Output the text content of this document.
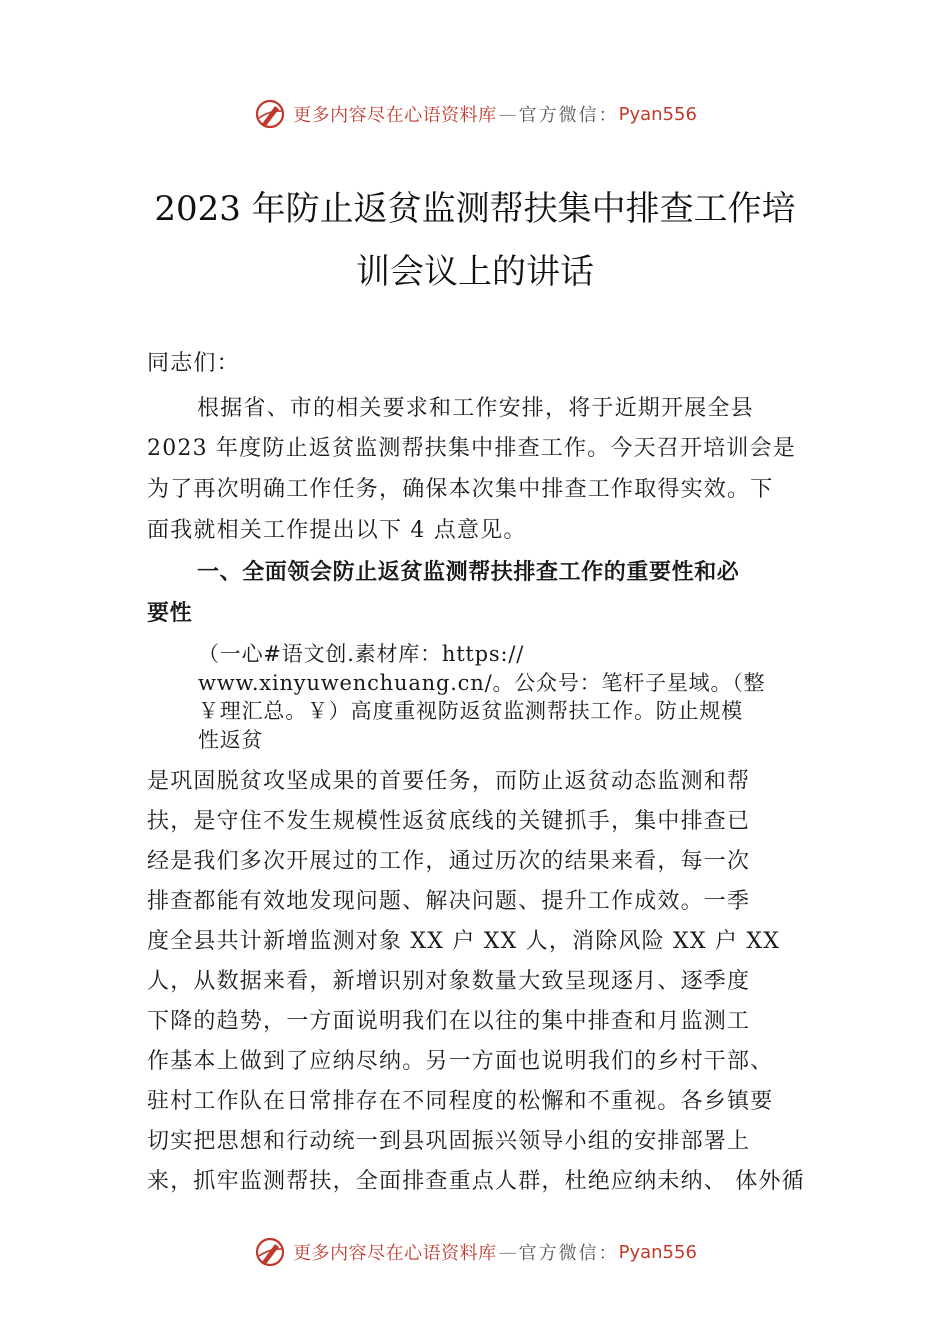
更多内容尽在心语资料库 — 官方微信： Pyan556
2023 年防止返贫监测帮扶集中排查工作培
训会议上的讲话
同志们：
根据省、市的相关要求和工作安排，将于近期开展全县
2023 年度防止返贫监测帮扶集中排查工作。今天召开培训会是
为了再次明确工作任务，确保本次集中排查工作取得实效。下
面我就相关工作提出以下 4 点意见。
一、全面领会防止返贫监测帮扶排查工作的重要性和必
要性
（一心#语文创.素材库：https://
www.xinyuwenchuang.cn/。公众号：笔杆子星域。（整
￥理汇总。￥）高度重视防返贫监测帮扶工作。防止规模
性返贫
是巩固脱贫攻坚成果的首要任务，而防止返贫动态监测和帮
扶，是守住不发生规模性返贫底线的关键抓手，集中排查已
经是我们多次开展过的工作，通过历次的结果来看，每一次
排查都能有效地发现问题、解决问题、提升工作成效。一季
度全县共计新增监测对象 XX 户 XX 人，消除风险 XX 户 XX
人，从数据来看，新增识别对象数量大致呈现逐月、逐季度
下降的趋势，一方面说明我们在以往的集中排查和月监测工
作基本上做到了应纳尽纳。另一方面也说明我们的乡村干部、
驻村工作队在日常排存在不同程度的松懈和不重视。各乡镇要
切实把思想和行动统一到县巩固振兴领导小组的安排部署上
来，抓牢监测帮扶，全面排查重点人群，杜绝应纳未纳、 体外循
更多内容尽在心语资料库 — 官方微信： Pyan556
